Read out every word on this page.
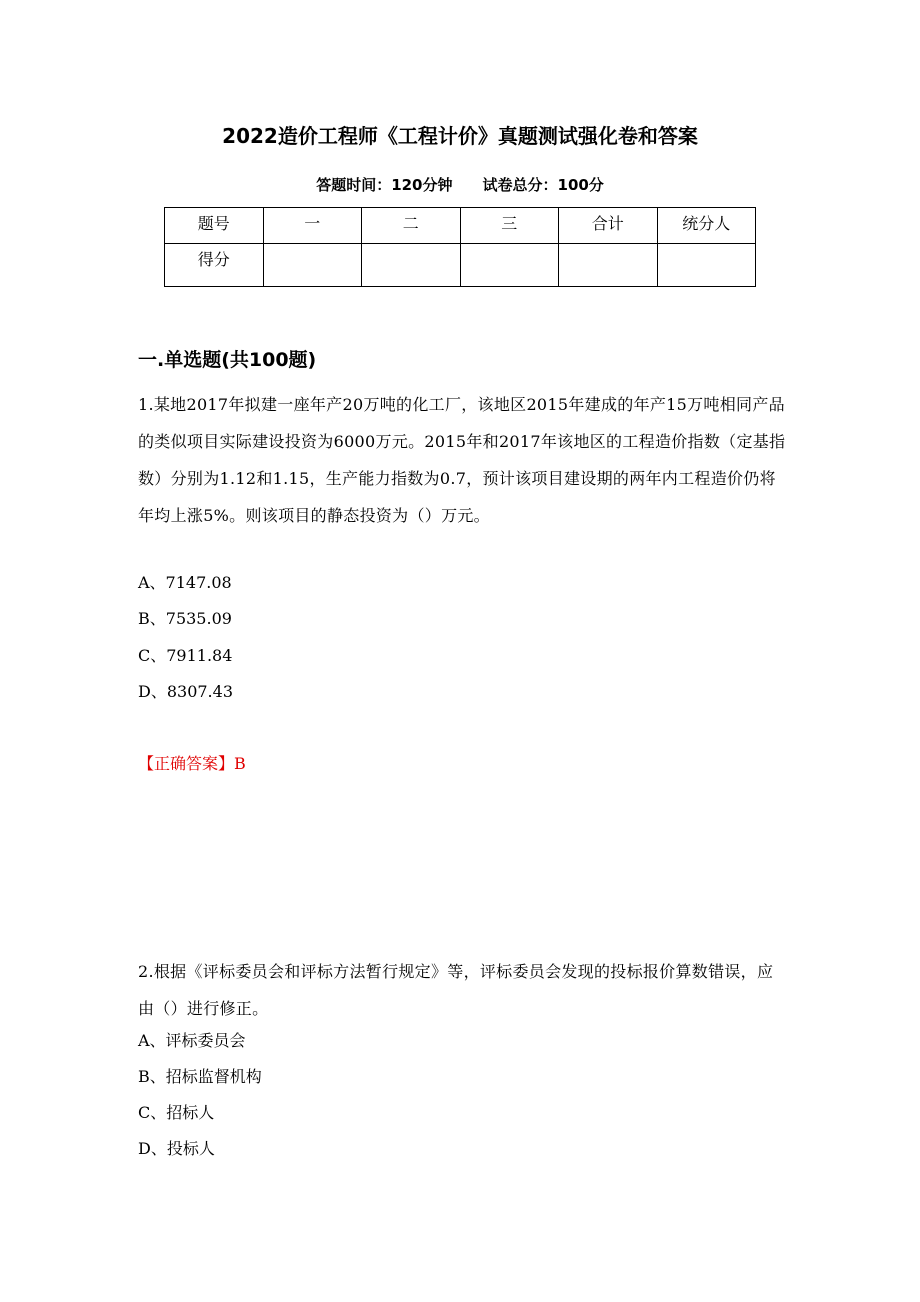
2022造价工程师《工程计价》真题测试强化卷和答案
答题时间：120分钟 试卷总分：100分
题号	一	二	三	合计	统分人
得分					
一.单选题(共100题)
1.某地2017年拟建一座年产20万吨的化工厂，该地区2015年建成的年产15万吨相同产品的类似项目实际建设投资为6000万元。2015年和2017年该地区的工程造价指数（定基指数）分别为1.12和1.15，生产能力指数为0.7，预计该项目建设期的两年内工程造价仍将年均上涨5%。则该项目的静态投资为（）万元。
A、7147.08
B、7535.09
C、7911.84
D、8307.43
【正确答案】B
2.根据《评标委员会和评标方法暂行规定》等，评标委员会发现的投标报价算数错误，应由（）进行修正。
A、评标委员会
B、招标监督机构
C、招标人
D、投标人
